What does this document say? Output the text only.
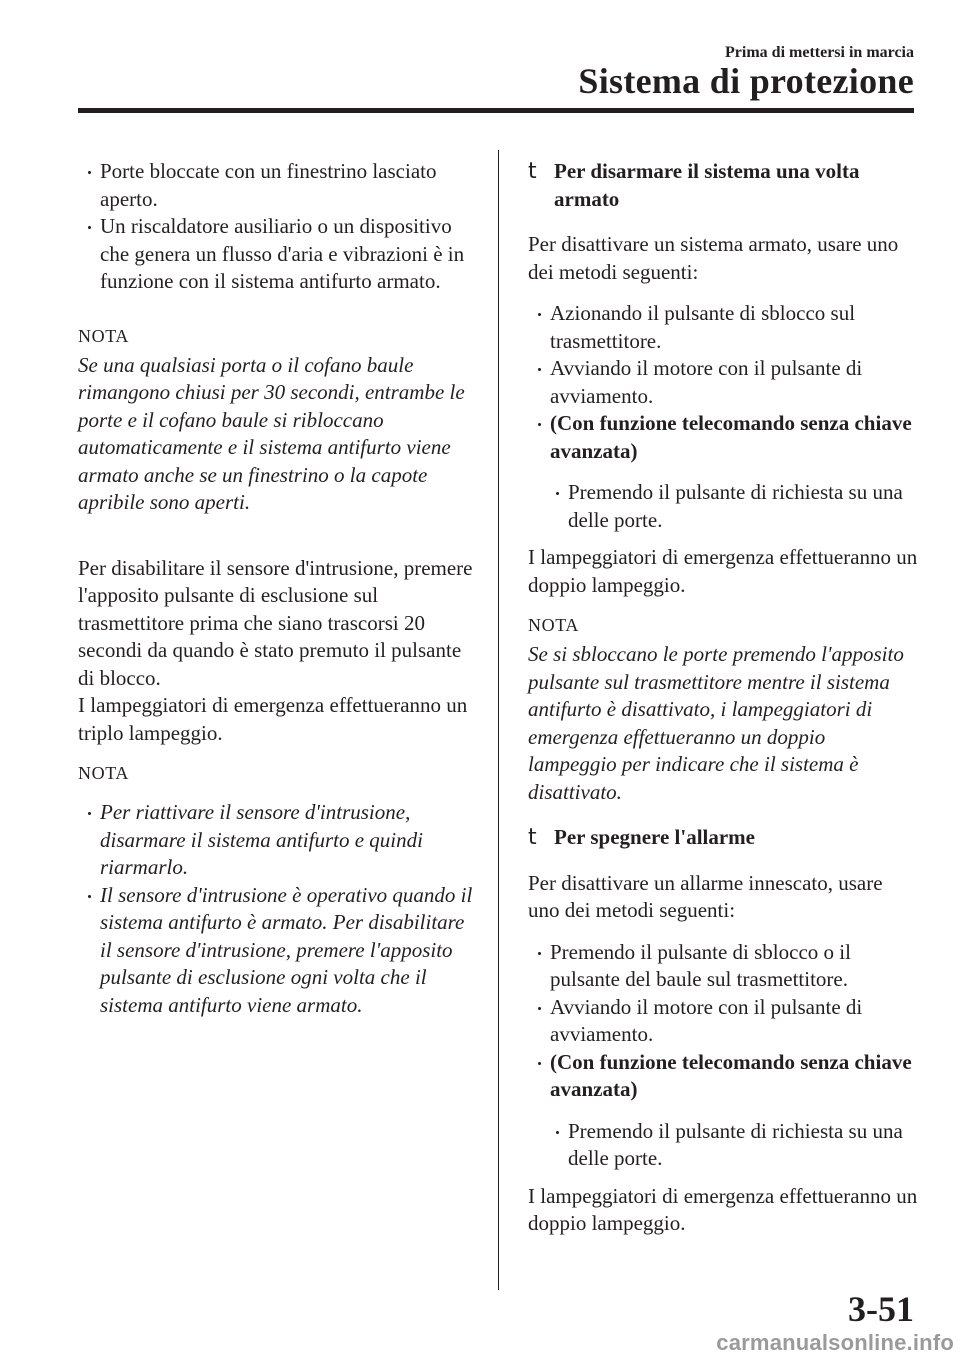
Prima di mettersi in marcia
Sistema di protezione
Porte bloccate con un finestrino lasciato aperto.
Un riscaldatore ausiliario o un dispositivo che genera un flusso d'aria e vibrazioni è in funzione con il sistema antifurto armato.
NOTA

Se una qualsiasi porta o il cofano baule rimangono chiusi per 30 secondi, entrambe le porte e il cofano baule si ribloccano automaticamente e il sistema antifurto viene armato anche se un finestrino o la capote apribile sono aperti.

Per disabilitare il sensore d'intrusione, premere l'apposito pulsante di esclusione sul trasmettitore prima che siano trascorsi 20 secondi da quando è stato premuto il pulsante di blocco.

I lampeggiatori di emergenza effettueranno un triplo lampeggio.

NOTA
Per riattivare il sensore d'intrusione, disarmare il sistema antifurto e quindi riarmarlo.
Il sensore d'intrusione è operativo quando il sistema antifurto è armato. Per disabilitare il sensore d'intrusione, premere l'apposito pulsante di esclusione ogni volta che il sistema antifurto viene armato.
t Per disarmare il sistema una volta armato

Per disattivare un sistema armato, usare uno dei metodi seguenti:

Azionando il pulsante di sblocco sul trasmettitore.
Avviando il motore con il pulsante di avviamento.
(Con funzione telecomando senza chiave avanzata)
Premendo il pulsante di richiesta su una delle porte.

I lampeggiatori di emergenza effettueranno un doppio lampeggio.

NOTA

Se si sbloccano le porte premendo l'apposito pulsante sul trasmettitore mentre il sistema antifurto è disattivato, i lampeggiatori di emergenza effettueranno un doppio lampeggio per indicare che il sistema è disattivato.

t Per spegnere l'allarme

Per disattivare un allarme innescato, usare uno dei metodi seguenti:

Premendo il pulsante di sblocco o il pulsante del baule sul trasmettitore.
Avviando il motore con il pulsante di avviamento.
(Con funzione telecomando senza chiave avanzata)
Premendo il pulsante di richiesta su una delle porte.

I lampeggiatori di emergenza effettueranno un doppio lampeggio.

3-51
carmanualsonline.info
